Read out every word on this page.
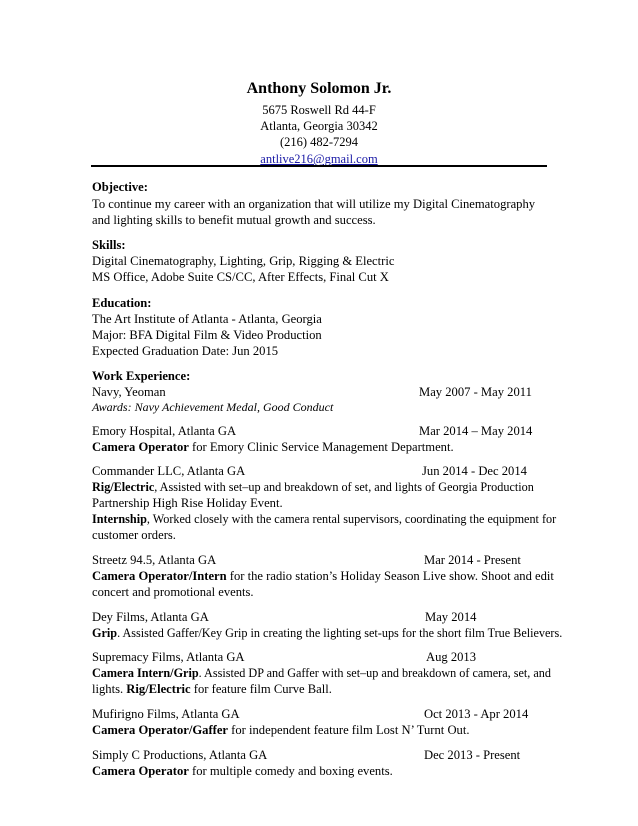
Anthony Solomon Jr.
5675 Roswell Rd 44-F
Atlanta, Georgia 30342
(216) 482-7294
antlive216@gmail.com
Objective:
To continue my career with an organization that will utilize my Digital Cinematography
and lighting skills to benefit mutual growth and success.
Skills:
Digital Cinematography, Lighting, Grip, Rigging & Electric
MS Office, Adobe Suite CS/CC, After Effects, Final Cut X
Education:
The Art Institute of Atlanta - Atlanta, Georgia
Major: BFA Digital Film & Video Production
Expected Graduation Date: Jun 2015
Work Experience:
Navy, Yeoman	May 2007 - May 2011
Awards: Navy Achievement Medal, Good Conduct
Emory Hospital, Atlanta GA	Mar 2014 – May 2014
Camera Operator for Emory Clinic Service Management Department.
Commander LLC, Atlanta GA	Jun 2014 - Dec 2014
Rig/Electric, Assisted with set–up and breakdown of set, and lights of Georgia Production
Partnership High Rise Holiday Event.
Internship, Worked closely with the camera rental supervisors, coordinating the equipment for
customer orders.
Streetz 94.5, Atlanta GA	Mar 2014 - Present
Camera Operator/Intern for the radio station’s Holiday Season Live show. Shoot and edit
concert and promotional events.
Dey Films, Atlanta GA	May 2014
Grip. Assisted Gaffer/Key Grip in creating the lighting set-ups for the short film True Believers.
Supremacy Films, Atlanta GA	Aug 2013
Camera Intern/Grip. Assisted DP and Gaffer with set–up and breakdown of camera, set, and
lights. Rig/Electric for feature film Curve Ball.
Mufirigno Films, Atlanta GA	Oct 2013 - Apr 2014
Camera Operator/Gaffer for independent feature film Lost N’ Turnt Out.
Simply C Productions, Atlanta GA	Dec 2013 - Present
Camera Operator for multiple comedy and boxing events.
